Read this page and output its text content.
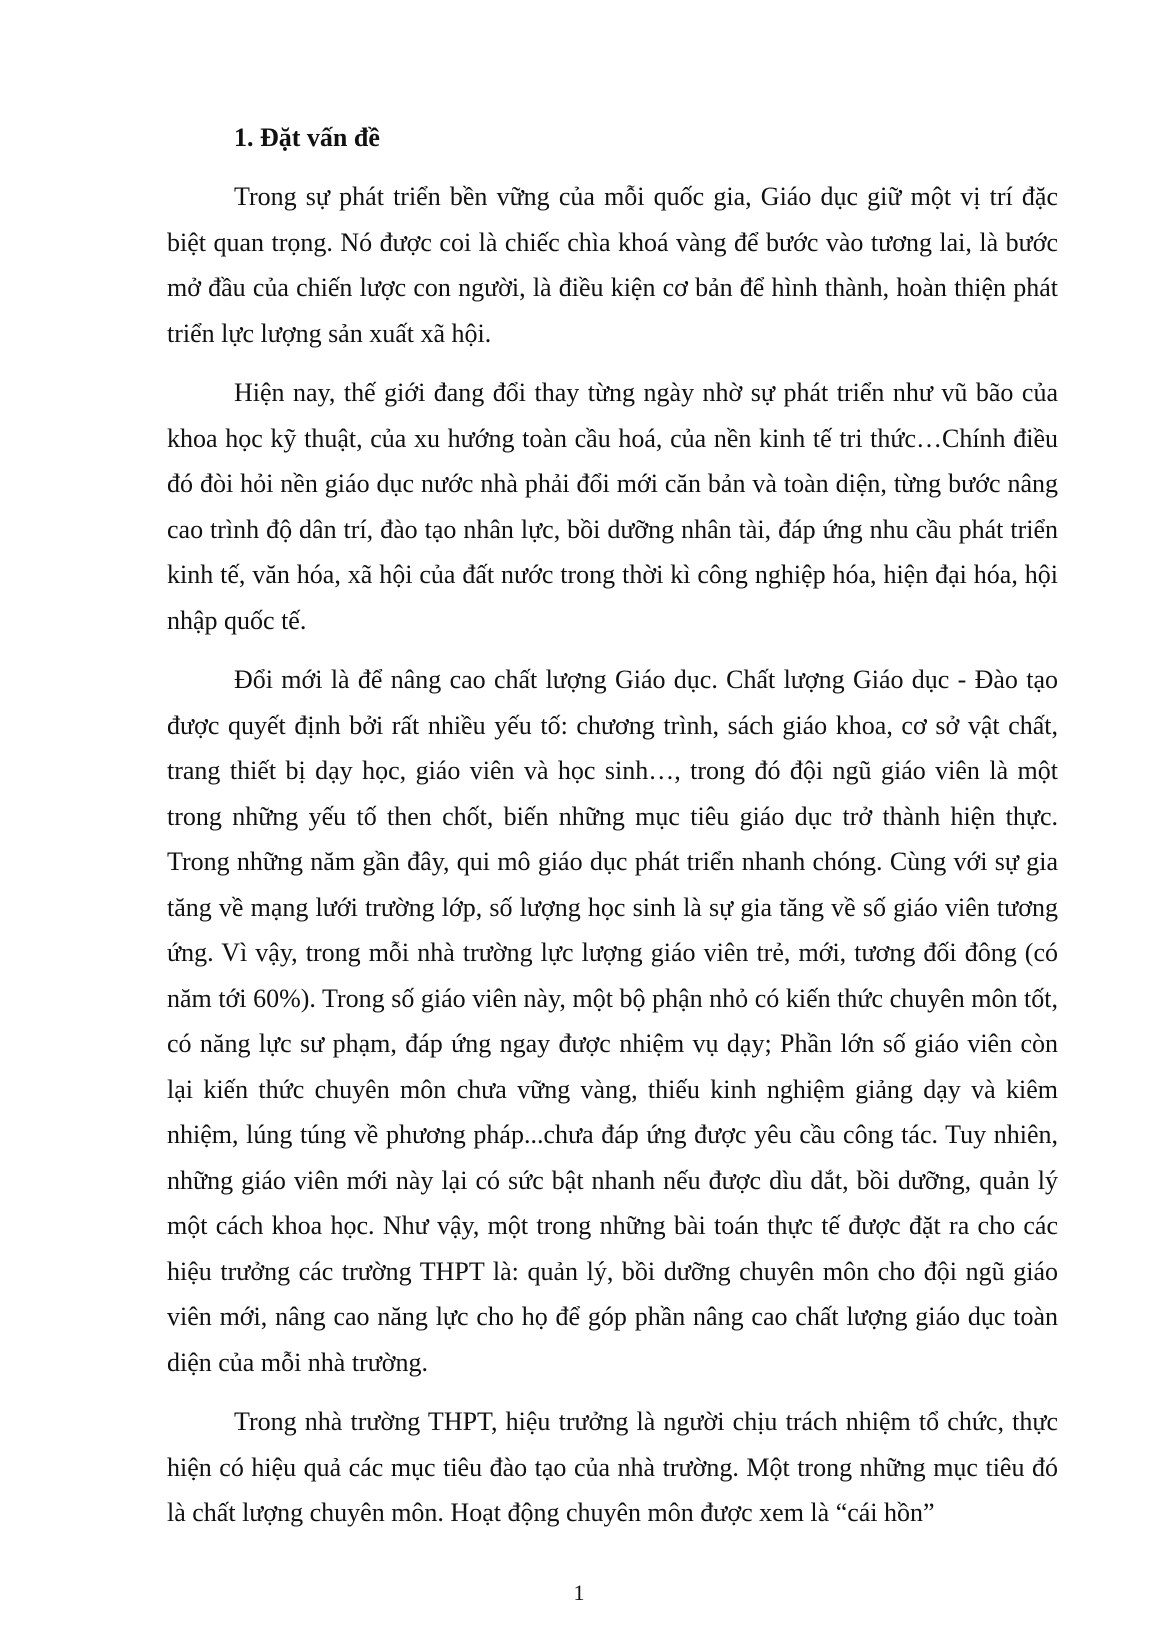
1. Đặt vấn đề

Trong sự phát triển bền vững của mỗi quốc gia, Giáo dục giữ một vị trí đặc biệt quan trọng. Nó được coi là chiếc chìa khoá vàng để bước vào tương lai, là bước mở đầu của chiến lược con người, là điều kiện cơ bản để hình thành, hoàn thiện phát triển lực lượng sản xuất xã hội.

Hiện nay, thế giới đang đổi thay từng ngày nhờ sự phát triển như vũ bão của khoa học kỹ thuật, của xu hướng toàn cầu hoá, của nền kinh tế tri thức…Chính điều đó đòi hỏi nền giáo dục nước nhà phải đổi mới căn bản và toàn diện, từng bước nâng cao trình độ dân trí, đào tạo nhân lực, bồi dưỡng nhân tài, đáp ứng nhu cầu phát triển kinh tế, văn hóa, xã hội của đất nước trong thời kì công nghiệp hóa, hiện đại hóa, hội nhập quốc tế.

Đổi mới là để nâng cao chất lượng Giáo dục. Chất lượng Giáo dục - Đào tạo được quyết định bởi rất nhiều yếu tố: chương trình, sách giáo khoa, cơ sở vật chất, trang thiết bị dạy học, giáo viên và học sinh…, trong đó đội ngũ giáo viên là một trong những yếu tố then chốt, biến những mục tiêu giáo dục trở thành hiện thực. Trong những năm gần đây, qui mô giáo dục phát triển nhanh chóng. Cùng với sự gia tăng về mạng lưới trường lớp, số lượng học sinh là sự gia tăng về số giáo viên tương ứng. Vì vậy, trong mỗi nhà trường lực lượng giáo viên trẻ, mới, tương đối đông (có năm tới 60%). Trong số giáo viên này, một bộ phận nhỏ có kiến thức chuyên môn tốt, có năng lực sư phạm, đáp ứng ngay được nhiệm vụ dạy; Phần lớn số giáo viên còn lại kiến thức chuyên môn chưa vững vàng, thiếu kinh nghiệm giảng dạy và kiêm nhiệm, lúng túng về phương pháp...chưa đáp ứng được yêu cầu công tác. Tuy nhiên, những giáo viên mới này lại có sức bật nhanh nếu được dìu dắt, bồi dưỡng, quản lý một cách khoa học. Như vậy, một trong những bài toán thực tế được đặt ra cho các hiệu trưởng các trường THPT là: quản lý, bồi dưỡng chuyên môn cho đội ngũ giáo viên mới, nâng cao năng lực cho họ để góp phần nâng cao chất lượng giáo dục toàn diện của mỗi nhà trường.

Trong nhà trường THPT, hiệu trưởng là người chịu trách nhiệm tổ chức, thực hiện có hiệu quả các mục tiêu đào tạo của nhà trường. Một trong những mục tiêu đó là chất lượng chuyên môn. Hoạt động chuyên môn được xem là “cái hồn”

1
